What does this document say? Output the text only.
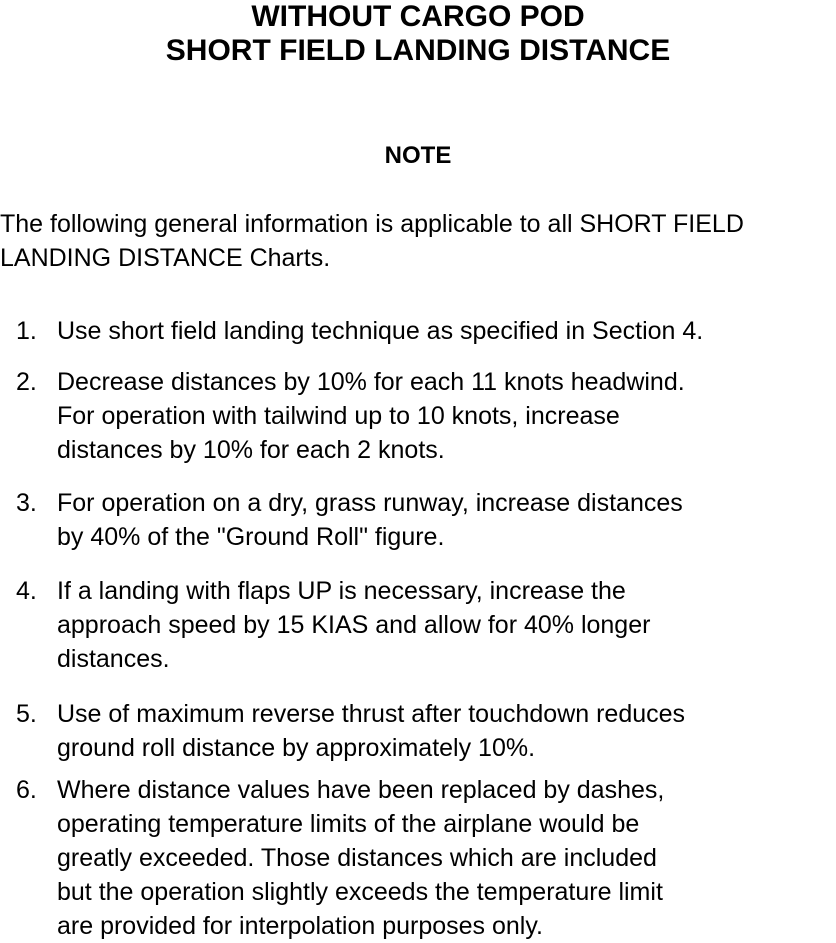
WITHOUT CARGO POD
SHORT FIELD LANDING DISTANCE
NOTE
The following general information is applicable to all SHORT FIELD
LANDING DISTANCE Charts.
1. Use short field landing technique as specified in Section 4.
2. Decrease distances by 10% for each 11 knots headwind.
For operation with tailwind up to 10 knots, increase
distances by 10% for each 2 knots.
3. For operation on a dry, grass runway, increase distances
by 40% of the "Ground Roll" figure.
4. If a landing with flaps UP is necessary, increase the
approach speed by 15 KIAS and allow for 40% longer
distances.
5. Use of maximum reverse thrust after touchdown reduces
ground roll distance by approximately 10%.
6. Where distance values have been replaced by dashes,
operating temperature limits of the airplane would be
greatly exceeded. Those distances which are included
but the operation slightly exceeds the temperature limit
are provided for interpolation purposes only.
